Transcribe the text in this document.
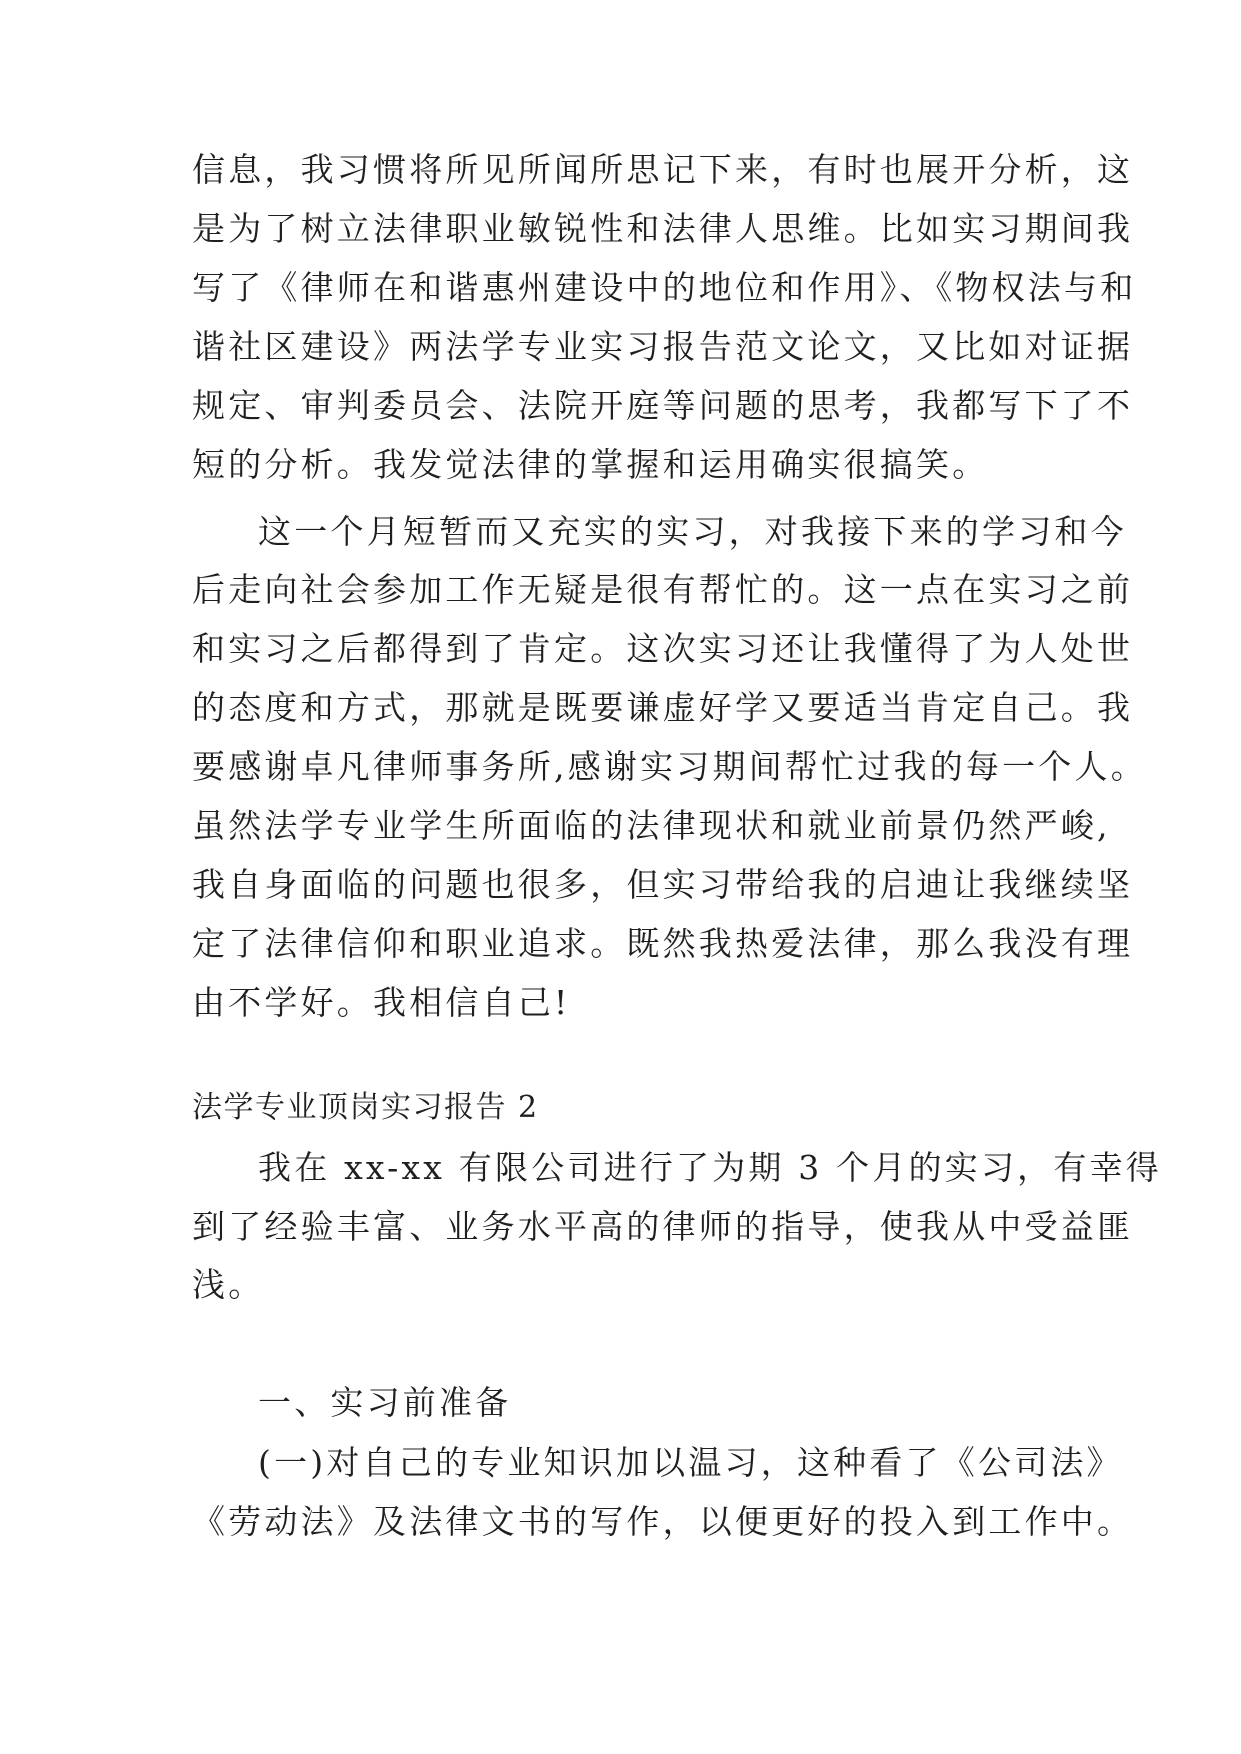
信息，我习惯将所见所闻所思记下来，有时也展开分析，这
是为了树立法律职业敏锐性和法律人思维。比如实习期间我
写了《律师在和谐惠州建设中的地位和作用》、《物权法与和
谐社区建设》两法学专业实习报告范文论文，又比如对证据
规定、审判委员会、法院开庭等问题的思考，我都写下了不
短的分析。我发觉法律的掌握和运用确实很搞笑。
这一个月短暂而又充实的实习，对我接下来的学习和今
后走向社会参加工作无疑是很有帮忙的。这一点在实习之前
和实习之后都得到了肯定。这次实习还让我懂得了为人处世
的态度和方式，那就是既要谦虚好学又要适当肯定自己。我
要感谢卓凡律师事务所,感谢实习期间帮忙过我的每一个人。
虽然法学专业学生所面临的法律现状和就业前景仍然严峻,
我自身面临的问题也很多，但实习带给我的启迪让我继续坚
定了法律信仰和职业追求。既然我热爱法律，那么我没有理
由不学好。我相信自己!
法学专业顶岗实习报告 2
我在 xx-xx 有限公司进行了为期 3 个月的实习，有幸得
到了经验丰富、业务水平高的律师的指导，使我从中受益匪
浅。
一、实习前准备
(一)对自己的专业知识加以温习，这种看了《公司法》
《劳动法》及法律文书的写作，以便更好的投入到工作中。
